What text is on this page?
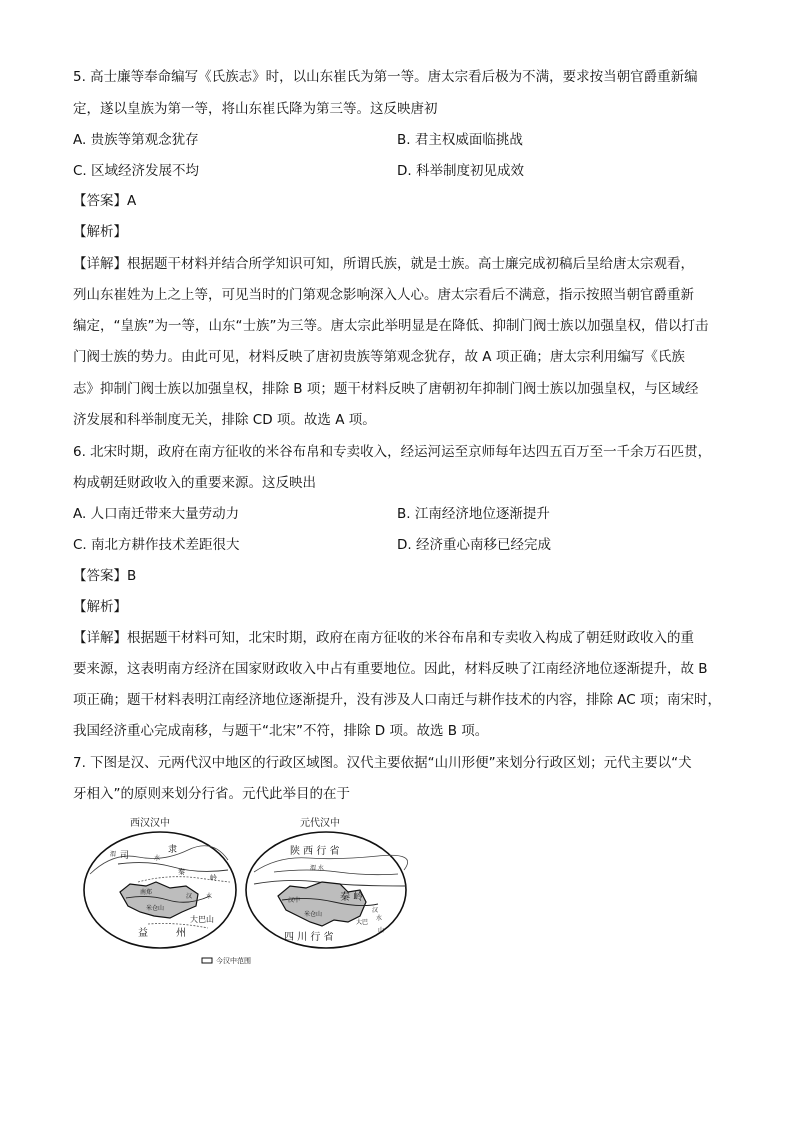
5. 高士廉等奉命编写《氏族志》时，以山东崔氏为第一等。唐太宗看后极为不满，要求按当朝官爵重新编
定，遂以皇族为第一等，将山东崔氏降为第三等。这反映唐初
A. 贵族等第观念犹存	B. 君主权威面临挑战
C. 区域经济发展不均	D. 科举制度初见成效
【答案】A
【解析】
【详解】根据题干材料并结合所学知识可知，所谓氏族，就是士族。高士廉完成初稿后呈给唐太宗观看，
列山东崔姓为上之上等，可见当时的门第观念影响深入人心。唐太宗看后不满意，指示按照当朝官爵重新
编定，“皇族”为一等，山东“士族”为三等。唐太宗此举明显是在降低、抑制门阀士族以加强皇权，借以打击
门阀士族的势力。由此可见，材料反映了唐初贵族等第观念犹存，故 A 项正确；唐太宗利用编写《氏族
志》抑制门阀士族以加强皇权，排除 B 项；题干材料反映了唐朝初年抑制门阀士族以加强皇权，与区域经
济发展和科举制度无关，排除 CD 项。故选 A 项。
6. 北宋时期，政府在南方征收的米谷布帛和专卖收入，经运河运至京师每年达四五百万至一千余万石匹贯，
构成朝廷财政收入的重要来源。这反映出
A. 人口南迁带来大量劳动力	B. 江南经济地位逐渐提升
C. 南北方耕作技术差距很大	D. 经济重心南移已经完成
【答案】B
【解析】
【详解】根据题干材料可知，北宋时期，政府在南方征收的米谷布帛和专卖收入构成了朝廷财政收入的重
要来源，这表明南方经济在国家财政收入中占有重要地位。因此，材料反映了江南经济地位逐渐提升，故 B
项正确；题干材料表明江南经济地位逐渐提升，没有涉及人口南迁与耕作技术的内容，排除 AC 项；南宋时，
我国经济重心完成南移，与题干“北宋”不符，排除 D 项。故选 B 项。
7. 下图是汉、元两代汉中地区的行政区域图。汉代主要依据“山川形便”来划分行政区划；元代主要以“犬
牙相入”的原则来划分行省。元代此举目的在于
西汉汉中
司
隶
渭
水
秦
岭
南郑
汉 水
米仓山
大巴山
益	州
元代汉中
陕 西 行 省
渭 水
秦 岭
汉中
米仓山
汉
水
大巴
山
四 川 行 省
今汉中范围
